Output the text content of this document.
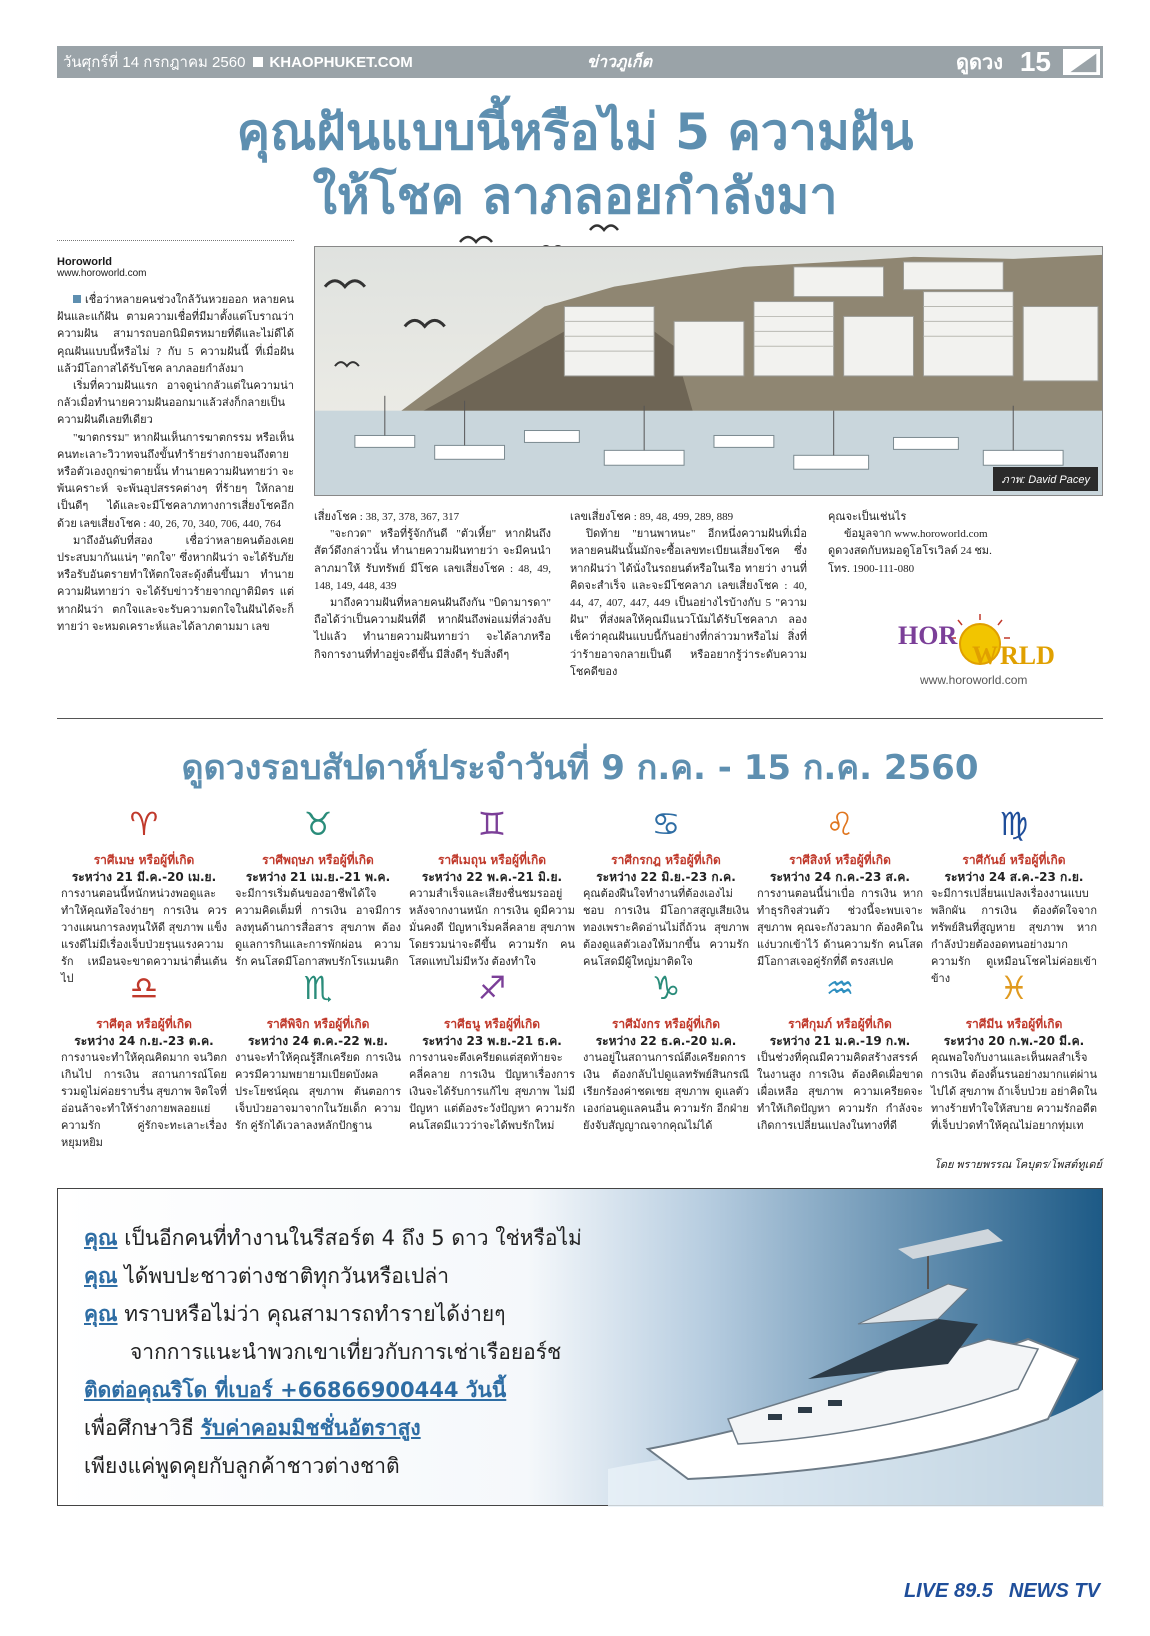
วันศุกร์ที่ 14 กรกฎาคม 2560 KHAOPHUKET.COM	ข่าวภูเก็ต	ดูดวง 15
คุณฝันแบบนี้หรือไม่ 5 ความฝัน
ให้โชค ลาภลอยกำลังมา
Horoworld
www.horoworld.com

เชื่อว่าหลายคนช่วงใกล้วันหวยออก หลายคนฝันและแก้ฝัน ตามความเชื่อที่มีมาตั้งแต่โบราณว่า ความฝัน สามารถบอกนิมิตรหมายที่ดีและไม่ดีได้ คุณฝันแบบนี้หรือไม่ ? กับ 5 ความฝันนี้ ที่เมื่อฝันแล้วมีโอกาสได้รับโชค ลาภลอยกำลังมา

เริ่มที่ความฝันแรก อาจดูน่ากลัวแต่ในความน่ากลัวเมื่อทำนายความฝันออกมาแล้วส่งก็กลายเป็นความฝันดีเลยทีเดียว

"ฆาตกรรม" หากฝันเห็นการฆาตกรรม หรือเห็นคนทะเลาะวิวาทจนถึงขั้นทำร้ายร่างกายจนถึงตาย หรือตัวเองถูกฆ่าตายนั้น ทำนายความฝันทายว่า จะพ้นเคราะห์ จะพ้นอุปสรรคต่างๆ ที่ร้ายๆ ให้กลายเป็นดีๆ ได้และจะมีโชคลาภทางการเสี่ยงโชคอีกด้วย เลขเสี่ยงโชค : 40, 26, 70, 340, 706, 440, 764

มาถึงอันดับที่สอง เชื่อว่าหลายคนต้องเคยประสบมากันแน่ๆ "ตกใจ" ซึ่งหากฝันว่า จะได้รับภัย หรือรับอันตรายทำให้ตกใจสะดุ้งตื่นขึ้นมา ทำนายความฝันทายว่า จะได้รับข่าวร้ายจากญาติมิตร แต่หากฝันว่า ตกใจและจะรับความตกใจในฝันได้จะก็ ทายว่า จะหมดเคราะห์และได้ลาภตามมา เลข

ภาพ: David Pacey
เสี่ยงโชค : 38, 37, 378, 367, 317

"จะกวด" หรือที่รู้จักกันดี "ตัวเหี้ย" หากฝันถึงสัตว์ดึงกล่าวนั้น ทำนายความฝันทายว่า จะมีคนนำลาภมาให้ รับทรัพย์ มีโชค เลขเสี่ยงโชค : 48, 49, 148, 149, 448, 439

มาถึงความฝันที่หลายคนฝันถึงกัน "บิดามารดา" ถือได้ว่าเป็นความฝันที่ดี หากฝันถึงพ่อแม่ที่ล่วงลับไปแล้ว ทำนายความฝันทายว่า จะได้ลาภหรือกิจการงานที่ทำอยู่จะดีขึ้น มีสิ่งดีๆ รับสิ่งดีๆ

เลขเสี่ยงโชค : 89, 48, 499, 289, 889

ปิดท้าย "ยานพาหนะ" อีกหนึ่งความฝันที่เมื่อหลายคนฝันนั้นมักจะซื้อเลขทะเบียนเสี่ยงโชค ซึ่งหากฝันว่า ได้นั่งในรถยนต์หรือในเรือ ทายว่า งานที่คิดจะสำเร็จ และจะมีโชคลาภ เลขเสี่ยงโชค : 40, 44, 47, 407, 447, 449 เป็นอย่างไรบ้างกับ 5 "ความฝัน" ที่ส่งผลให้คุณมีแนวโน้มได้รับโชคลาภ ลองเช็คว่าคุณฝันแบบนี้กันอย่างที่กล่าวมาหรือไม่ สิ่งที่ว่าร้ายอาจกลายเป็นดี หรืออยากรู้ว่าระดับความโชคดีของ

คุณจะเป็นเช่นไร
ข้อมูลจาก www.horoworld.com
ดูดวงสดกับหมอดูโฮโรเวิลด์ 24 ชม.
โทร. 1900-111-080
HOR
W RLD
www.horoworld.com
ดูดวงรอบสัปดาห์ประจำวันที่ 9 ก.ค. - 15 ก.ค. 2560
♈
ราศีเมษ หรือผู้ที่เกิด
ระหว่าง 21 มี.ค.-20 เม.ย.
การงานตอนนี้หนักหน่วงพอดูและทำให้คุณท้อใจง่ายๆ การเงิน ควรวางแผนการลงทุนให้ดี สุขภาพ แข็งแรงดีไม่มีเรื่องเจ็บป่วยรุนแรงความรัก เหมือนจะขาดความน่าตื่นเต้นไป
♉
ราศีพฤษภ หรือผู้ที่เกิด
ระหว่าง 21 เม.ย.-21 พ.ค.
จะมีการเริ่มต้นของอาชีพได้ใจความคิดเต็มที่ การเงิน อาจมีการลงทุนด้านการสื่อสาร สุขภาพ ต้องดูแลการกินและการพักผ่อน ความรัก คนโสดมีโอกาสพบรักโรแมนติก
♊
ราศีเมถุน หรือผู้ที่เกิด
ระหว่าง 22 พ.ค.-21 มิ.ย.
ความสำเร็จและเสียงชื่นชมรออยู่หลังจากงานหนัก การเงิน ดูมีความมั่นคงดี ปัญหาเริ่มคลี่คลาย สุขภาพ โดยรวมน่าจะดีขึ้น ความรัก คนโสดแทบไม่มีหวัง ต้องทำใจ
♋
ราศีกรกฎ หรือผู้ที่เกิด
ระหว่าง 22 มิ.ย.-23 ก.ค.
คุณต้องฝืนใจทำงานที่ต้องเองไม่ชอบ การเงิน มีโอกาสสูญเสียเงินทองเพราะคิดอ่านไม่ถี่ถ้วน สุขภาพ ต้องดูแลตัวเองให้มากขึ้น ความรัก คนโสดมีผู้ใหญ่มาติดใจ
♌
ราศีสิงห์ หรือผู้ที่เกิด
ระหว่าง 24 ก.ค.-23 ส.ค.
การงานตอนนี้น่าเบื่อ การเงิน หากทำธุรกิจส่วนตัว ช่วงนี้จะพบเจาะสุขภาพ คุณจะกังวลมาก ต้องคิดในแง่บวกเข้าไว้ ด้านความรัก คนโสดมีโอกาสเจอคู่รักที่ดี ตรงสเปค
♍
ราศีกันย์ หรือผู้ที่เกิด
ระหว่าง 24 ส.ค.-23 ก.ย.
จะมีการเปลี่ยนแปลงเรื่องงานแบบพลิกผัน การเงิน ต้องตัดใจจากทรัพย์สินที่สูญหาย สุขภาพ หากกำลังป่วยต้องอดทนอย่างมาก ความรัก ดูเหมือนโชคไม่ค่อยเข้าข้าง
♎
ราศีตุล หรือผู้ที่เกิด
ระหว่าง 24 ก.ย.-23 ต.ค.
การงานจะทำให้คุณคิดมาก จนวิตกเกินไป การเงิน สถานการณ์โดยรวมดูไม่ค่อยราบรื่น สุขภาพ จิตใจที่อ่อนล้าจะทำให้ร่างกายพลอยแย่ ความรัก คู่รักจะทะเลาะเรื่องหยุมหยิม
♏
ราศีพิจิก หรือผู้ที่เกิด
ระหว่าง 24 ต.ค.-22 พ.ย.
งานจะทำให้คุณรู้สึกเครียด การเงิน ควรมีความพยายามเบียดบังผลประโยชน์คุณ สุขภาพ ต้นตอการเจ็บป่วยอาจมาจากในวัยเด็ก ความรัก คู่รักได้เวลาลงหลักปักฐาน
♐
ราศีธนู หรือผู้ที่เกิด
ระหว่าง 23 พ.ย.-21 ธ.ค.
การงานจะตึงเครียดแต่สุดท้ายจะคลี่คลาย การเงิน ปัญหาเรื่องการเงินจะได้รับการแก้ไข สุขภาพ ไม่มีปัญหา แต่ต้องระวังปัญหา ความรัก คนโสดมีแววว่าจะได้พบรักใหม่
♑
ราศีมังกร หรือผู้ที่เกิด
ระหว่าง 22 ธ.ค.-20 ม.ค.
งานอยู่ในสถานการณ์ตึงเครียดการเงิน ต้องกลับไปดูแลทรัพย์สินกรณีเรียกร้องค่าชดเชย สุขภาพ ดูแลตัวเองก่อนดูแลคนอื่น ความรัก อีกฝ่ายยังจับสัญญาณจากคุณไม่ได้
♒
ราศีกุมภ์ หรือผู้ที่เกิด
ระหว่าง 21 ม.ค.-19 ก.พ.
เป็นช่วงที่คุณมีความคิดสร้างสรรค์ในงานสูง การเงิน ต้องคิดเผื่อขาดเผื่อเหลือ สุขภาพ ความเครียดจะทำให้เกิดปัญหา ความรัก กำลังจะเกิดการเปลี่ยนแปลงในทางที่ดี
♓
ราศีมีน หรือผู้ที่เกิด
ระหว่าง 20 ก.พ.-20 มี.ค.
คุณพอใจกับงานและเห็นผลสำเร็จ การเงิน ต้องดิ้นรนอย่างมากแต่ผ่านไปได้ สุขภาพ ถ้าเจ็บป่วย อย่าคิดในทางร้ายทำใจให้สบาย ความรักอดีตที่เจ็บปวดทำให้คุณไม่อยากทุ่มเท
โดย พรายพรรณ โคบุตร/โพสต์ทูเดย์
คุณ เป็นอีกคนที่ทำงานในรีสอร์ต 4 ถึง 5 ดาว ใช่หรือไม่
คุณ ได้พบปะชาวต่างชาติทุกวันหรือเปล่า
คุณ ทราบหรือไม่ว่า คุณสามารถทำรายได้ง่ายๆ
จากการแนะนำพวกเขาเที่ยวกับการเช่าเรือยอร์ช
ติดต่อคุณริโด ที่เบอร์ +66866900444 วันนี้
เพื่อศึกษาวิธี รับค่าคอมมิชชั่นอัตราสูง
เพียงแค่พูดคุยกับลูกค้าชาวต่างชาติ
LIVE 89.5 NEWS TV
